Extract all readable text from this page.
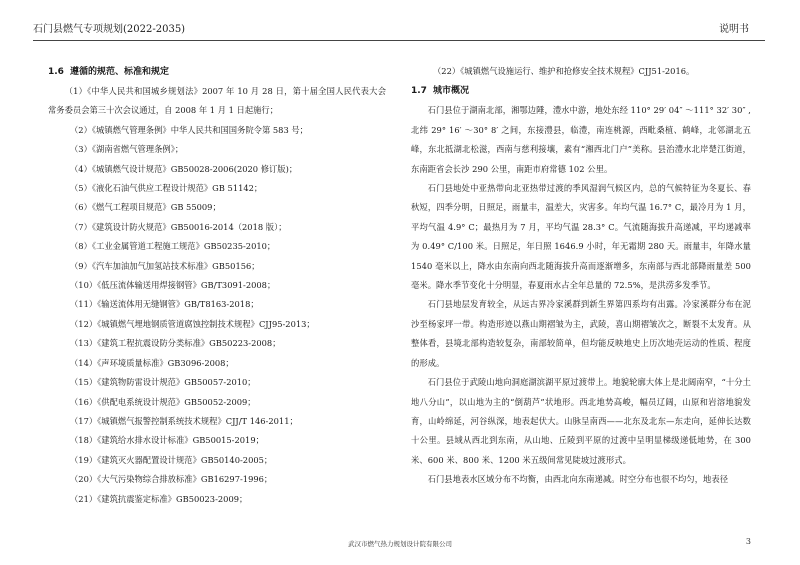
石门县燃气专项规划(2022-2035)	说明书

1.6 遵循的规范、标准和规定

（1）《中华人民共和国城乡规划法》2007 年 10 月 28 日，第十届全国人民代表大会常务委员会第三十次会议通过，自 2008 年 1 月 1 日起施行；

（2）《城镇燃气管理条例》中华人民共和国国务院令第 583 号；
（3）《湖南省燃气管理条例》；
（4）《城镇燃气设计规范》GB50028-2006(2020 修订版)；
（5）《液化石油气供应工程设计规范》GB 51142；
（6）《燃气工程项目规范》GB 55009；
（7）《建筑设计防火规范》GB50016-2014（2018 版）；
（8）《工业金属管道工程施工规范》GB50235-2010；
（9）《汽车加油加气加氢站技术标准》GB50156；
（10）《低压流体输送用焊接钢管》GB/T3091-2008；
（11）《输送流体用无缝钢管》GB/T8163-2018；
（12）《城镇燃气埋地钢质管道腐蚀控制技术规程》CJJ95-2013；
（13）《建筑工程抗震设防分类标准》GB50223-2008；
（14）《声环境质量标准》GB3096-2008；
（15）《建筑物防雷设计规范》GB50057-2010；
（16）《供配电系统设计规范》GB50052-2009；
（17）《城镇燃气报警控制系统技术规程》CJJ/T 146-2011；
（18）《建筑给水排水设计标准》GB50015-2019；
（19）《建筑灭火器配置设计规范》GB50140-2005；
（20）《大气污染物综合排放标准》GB16297-1996；
（21）《建筑抗震鉴定标准》GB50023-2009；
（22）《城镇燃气设施运行、维护和抢修安全技术规程》CJJ51-2016。

1.7 城市概况

石门县位于湖南北部，湘鄂边陲，澧水中游，地处东经 110° 29′ 04″ ～111° 32′ 30″ ,北纬 29° 16′ ～30° 8′ 之间，东接澧县，临澧，南连桃源，西毗桑植、鹤峰，北邻湖北五峰，东北抵湖北松滋，西南与慈利接壤，素有“湘西北门户”美称。县治澧水北岸楚江街道，东南距省会长沙 290 公里，南距市府常德 102 公里。

石门县地处中亚热带向北亚热带过渡的季风湿润气候区内，总的气候特征为冬夏长、春秋短，四季分明，日照足，雨量丰，温差大，灾害多。年均气温 16.7° C，最冷月为 1 月，平均气温 4.9° C；最热月为 7 月，平均气温 28.3° C。气流随海拔升高递减，平均递减率为 0.49° C/100 米。日照足，年日照 1646.9 小时，年无霜期 280 天。雨量丰，年降水量 1540 毫米以上，降水由东南向西北随海拔升高而逐渐增多，东南部与西北部降雨量差 500 毫米。降水季节变化十分明显，春夏雨水占全年总量的 72.5%，是洪涝多发季节。

石门县地层发育较全，从远古界冷家溪群到新生界第四系均有出露。冷家溪群分布在泥沙至杨家坪一带。构造形迹以燕山期褶皱为主，武陵，喜山期褶皱次之，断裂不太发育。从整体看，县境北部构造较复杂，南部较简单，但均能反映地史上历次地壳运动的性质、程度的形成。

石门县位于武陵山地向洞庭湖滨湖平原过渡带上。地貌轮廓大体上是北阔南窄，“十分土地八分山”，以山地为主的“倒葫芦”状地形。西北地势高峻，幅员辽阔，山原和岩溶地貌发育，山岭绵延，河谷纵深，地表起伏大。山脉呈南西——北东及北东—东走向，延伸长达数十公里。县域从西北到东南，从山地、丘陵到平原的过渡中呈明显梯级递低地势，在 300 米、600 米、800 米、1200 米五级间常见陡坡过渡形式。

石门县地表水区域分布不均衡，由西北向东南递减。时空分布也很不均匀，地表径

武汉市燃气热力规划设计院有限公司	3
